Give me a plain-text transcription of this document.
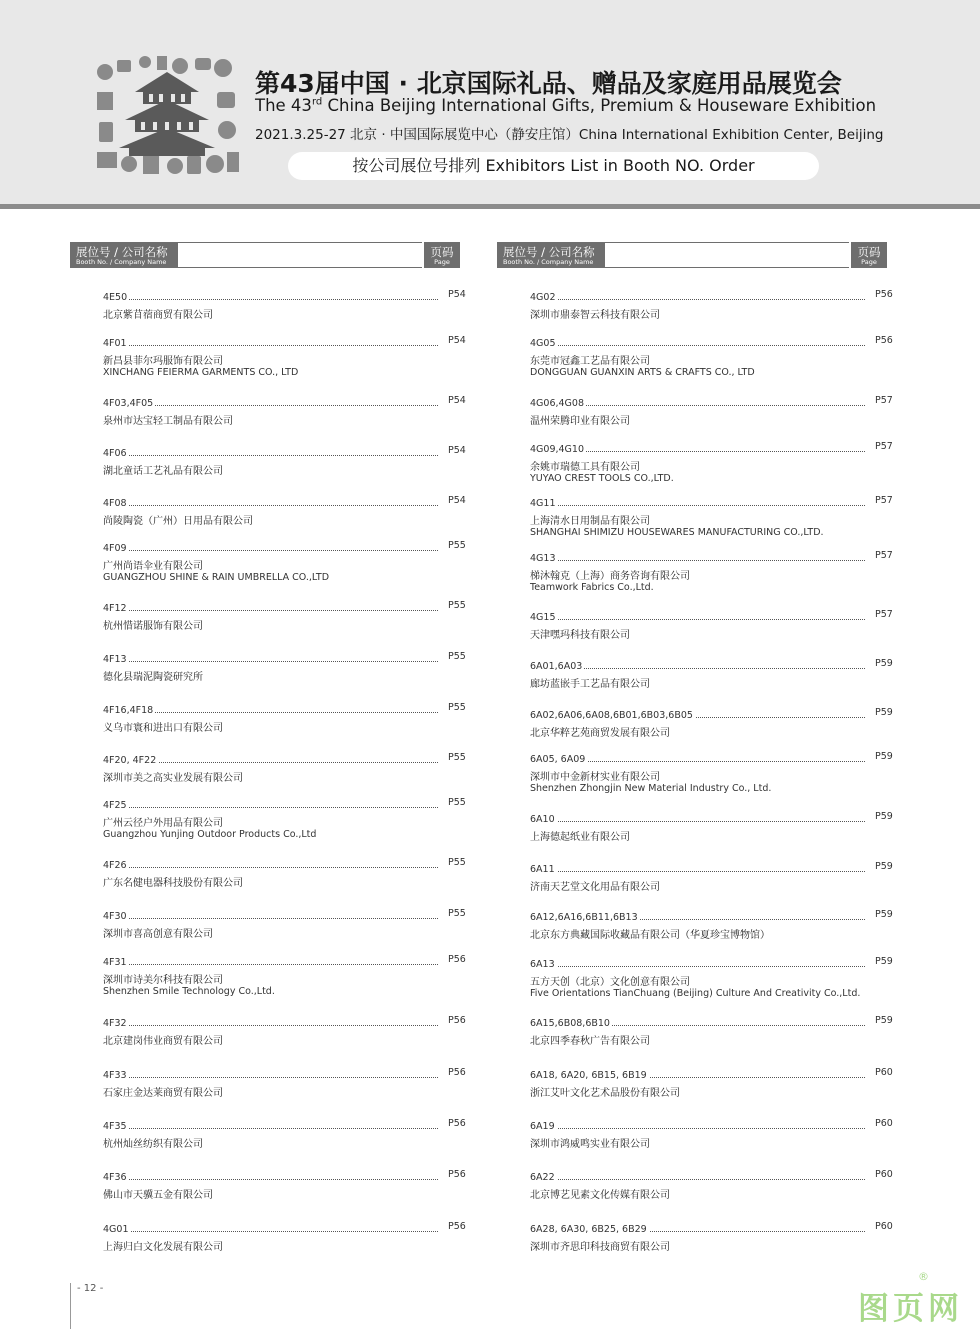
第43届中国 · 北京国际礼品、赠品及家庭用品展览会
The 43rd China Beijing International Gifts, Premium & Houseware Exhibition
2021.3.25-27 北京 · 中国国际展览中心（静安庄馆）China International Exhibition Center, Beijing
按公司展位号排列 Exhibitors List in Booth NO. Order
展位号 / 公司名称
Booth No. / Company Name
页码
Page
展位号 / 公司名称
Booth No. / Company Name
页码
Page
4E50	P54
北京紫苜蓿商贸有限公司
4F01	P54
新昌县菲尔玛服饰有限公司
XINCHANG FEIERMA GARMENTS CO., LTD
4F03,4F05	P54
泉州市达宝轻工制品有限公司
4F06	P54
湖北童话工艺礼品有限公司
4F08	P54
尚陵陶瓷（广州）日用品有限公司
4F09	P55
广州尚语伞业有限公司
GUANGZHOU SHINE & RAIN UMBRELLA CO.,LTD
4F12	P55
杭州惜诺服饰有限公司
4F13	P55
德化县瑞泥陶瓷研究所
4F16,4F18	P55
义乌市寰和进出口有限公司
4F20, 4F22	P55
深圳市美之高实业发展有限公司
4F25	P55
广州云径户外用品有限公司
Guangzhou Yunjing Outdoor Products Co.,Ltd
4F26	P55
广东名健电器科技股份有限公司
4F30	P55
深圳市喜高创意有限公司
4F31	P56
深圳市诗美尔科技有限公司
Shenzhen Smile Technology Co.,Ltd.
4F32	P56
北京建岗伟业商贸有限公司
4F33	P56
石家庄金达莱商贸有限公司
4F35	P56
杭州灿丝纺织有限公司
4F36	P56
佛山市天骥五金有限公司
4G01	P56
上海归白文化发展有限公司
4G02	P56
深圳市鼎泰智云科技有限公司
4G05	P56
东莞市冠鑫工艺品有限公司
DONGGUAN GUANXIN ARTS & CRAFTS CO., LTD
4G06,4G08	P57
温州荣腾印业有限公司
4G09,4G10	P57
余姚市瑞德工具有限公司
YUYAO CREST TOOLS CO.,LTD.
4G11	P57
上海清水日用制品有限公司
SHANGHAI SHIMIZU HOUSEWARES MANUFACTURING CO.,LTD.
4G13	P57
梯沐翰克（上海）商务咨询有限公司
Teamwork Fabrics Co.,Ltd.
4G15	P57
天津嘿玛科技有限公司
6A01,6A03	P59
廊坊蓝嵌手工艺品有限公司
6A02,6A06,6A08,6B01,6B03,6B05	P59
北京华粹艺苑商贸发展有限公司
6A05, 6A09	P59
深圳市中金新材实业有限公司
Shenzhen Zhongjin New Material Industry Co., Ltd.
6A10	P59
上海德起纸业有限公司
6A11	P59
济南天艺堂文化用品有限公司
6A12,6A16,6B11,6B13	P59
北京东方典藏国际收藏品有限公司（华夏珍宝博物馆）
6A13	P59
五方天创（北京）文化创意有限公司
Five Orientations TianChuang (Beijing) Culture And Creativity Co.,Ltd.
6A15,6B08,6B10	P59
北京四季春秋广告有限公司
6A18, 6A20, 6B15, 6B19	P60
浙江艾叶文化艺术品股份有限公司
6A19	P60
深圳市鸿威鸣实业有限公司
6A22	P60
北京博艺见素文化传媒有限公司
6A28, 6A30, 6B25, 6B29	P60
深圳市齐思印科技商贸有限公司
- 12 -
图页网
®
